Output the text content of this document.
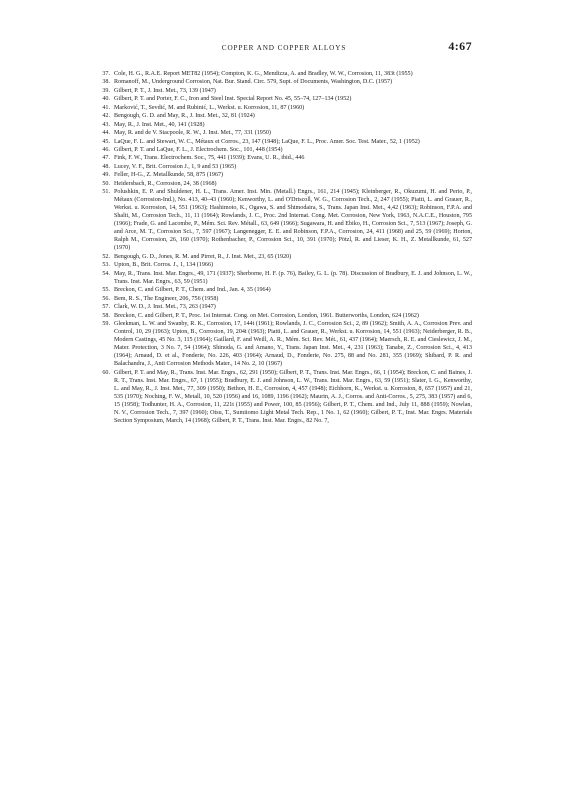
COPPER AND COPPER ALLOYS	4:67
37. Cole, H. G., R.A.E. Report MET82 (1954); Compton, K. G., Mendizza, A. and Bradley, W. W., Corrosion, 11, 383t (1955)
38. Romanoff, M., Underground Corrosion, Nat. Bur. Stand. Circ. 579, Supt. of Documents, Washington, D.C. (1957)
39. Gilbert, P. T., J. Inst. Met., 73, 139 (1947)
40. Gilbert, P. T. and Porter, F. C., Iron and Steel Inst. Special Report No. 45, 55–74, 127–134 (1952)
41. Marković, T., Sevdić, M. and Rubinić, L., Werkst. u. Korrosion, 11, 87 (1960)
42. Bengough, G. D. and May, R., J. Inst. Met., 32, 81 (1924)
43. May, R., J. Inst. Met., 40, 141 (1928)
44. May, R. and de V. Stacpoole, R. W., J. Inst. Met., 77, 331 (1950)
45. LaQue, F. L. and Stewart, W. C., Métaux et Corros., 23, 147 (1948); LaQue, F. L., Proc. Amer. Soc. Test. Mater., 52, 1 (1952)
46. Gilbert, P. T. and LaQue, F. L., J. Electrochem. Soc., 101, 448 (1954)
47. Fink, F. W., Trans. Electrochem. Soc., 75, 441 (1939); Evans, U. R., ibid., 446
48. Lucey, V. F., Brit. Corrosion J., 1, 9 and 53 (1965)
49. Feller, H-G., Z. Metallkunde, 58, 875 (1967)
50. Heidersbach, R., Corrosion, 24, 38 (1968)
51. Polushkin, E. P. and Shuldener, H. L., Trans. Amer. Inst. Min. (Metall.) Engrs., 161, 214 (1945); Kleinberger, R., Okuzumi, H. and Perio, P., Métaux (Corrosion-Ind.), No. 413, 40–43 (1960); Kenworthy, L. and O'Driscoll, W. G., Corrosion Tech., 2, 247 (1955); Piatti, L. and Grauer, R., Werkst. u. Korrosion, 14, 551 (1963); Hashimoto, K., Ogawa, S. and Shimodaira, S., Trans. Japan Inst. Met., 4,42 (1963); Robinson, F.P.A. and Shalit, M., Corrosion Tech., 11, 11 (1964); Rowlands, J. C., Proc. 2nd Internat. Cong. Met. Corrosion, New York, 1963, N.A.C.E., Houston, 795 (1966); Frade, G. and Lacombe, P., Mém. Sci. Rev. Métall., 63, 649 (1966); Sugawara, H. and Ebiko, H., Corrosion Sci., 7, 513 (1967); Joseph, G. and Arce, M. T., Corrosion Sci., 7, 597 (1967); Langenegger, E. E. and Robinson, F.P.A., Corrosion, 24, 411 (1968) and 25, 59 (1969); Horton, Ralph M., Corrosion, 26, 160 (1970); Rothenbacher, P., Corrosion Sci., 10, 391 (1970); Pötzl, R. and Lieser, K. H., Z. Metallkunde, 61, 527 (1970)
52. Bengough, G. D., Jones, R. M. and Pirret, R., J. Inst. Met., 23, 65 (1920)
53. Upton, B., Brit. Corros. J., 1, 134 (1966)
54. May, R., Trans. Inst. Mar. Engrs., 49, 171 (1937); Sherborne, H. F. (p. 76), Bailey, G. L. (p. 78). Discussion of Bradbury, E. J. and Johnson, L. W., Trans. Inst. Mar. Engrs., 63, 59 (1951)
55. Breckon, C. and Gilbert, P. T., Chem. and Ind., Jan. 4, 35 (1964)
56. Bem, R. S., The Engineer, 206, 756 (1958)
57. Clark, W. D., J. Inst. Met., 73, 263 (1947)
58. Breckon, C. and Gilbert, P. T., Proc. 1st Internat. Cong. on Met. Corrosion, London, 1961. Butterworths, London, 624 (1962)
59. Gleekman, L. W. and Swanby, R. K., Corrosion, 17, 144t (1961); Rowlands, J. C., Corrosion Sci., 2, 89 (1962); Smith, A. A., Corrosion Prev. and Control, 10, 29 (1963); Upton, B., Corrosion, 19, 204t (1963); Piatti, L. and Grauer, R., Werkst. u. Korrosion, 14, 551 (1963); Neiderberger, R. B., Modern Castings, 45 No. 3, 115 (1964); Gaillard, F. and Weill, A. R., Mém. Sci. Rev. Mét., 61, 437 (1964); Maersch, R. E. and Cieslewicz, J. M., Mater. Protection, 3 No. 7, 54 (1964); Shinoda, G. and Amano, Y., Trans. Japan Inst. Met., 4, 231 (1963); Tanabe, Z., Corrosion Sci., 4, 413 (1964); Arnaud, D. et al., Fonderie, No. 226, 403 (1964); Arnaud, D., Fonderie, No. 275, 88 and No. 281, 355 (1969); Shibard, P. R. and Balachandra, J., Anti Corrosion Methods Mater., 14 No. 2, 10 (1967)
60. Gilbert, P. T. and May, R., Trans. Inst. Mar. Engrs., 62, 291 (1950); Gilbert, P. T., Trans. Inst. Mar. Engrs., 66, 1 (1954); Breckon, C. and Baines, J. R. T., Trans. Inst. Mar. Engrs., 67, 1 (1955); Bradbury, E. J. and Johnson, L. W., Trans. Inst. Mar. Engrs., 63, 59 (1951); Slater, I. G., Kenworthy, L. and May, R., J. Inst. Met., 77, 309 (1950); Bethon, H. E., Corrosion, 4, 457 (1948); Eichhorn, K., Werkst. u. Korrosion, 8, 657 (1957) and 21, 535 (1970); Noching, F. W., Metall, 10, 520 (1956) and 16, 1089, 1196 (1962); Maurin, A. J., Corros. and Anti-Corros., 5, 275, 383 (1957) and 6, 15 (1958); Todhunter, H. A., Corrosion, 11, 221t (1955) and Power, 100, 85 (1956); Gilbert, P. T., Chem. and Ind., July 11, 888 (1959); Nowlan, N. V., Corrosion Tech., 7, 397 (1960); Otsu, T., Sumitomo Light Metal Tech. Rep., 1 No. 1, 62 (1960); Gilbert, P. T., Inst. Mar. Engrs. Materials Section Symposium, March, 14 (1968); Gilbert, P. T., Trans. Inst. Mar. Engrs., 82 No. 7,
